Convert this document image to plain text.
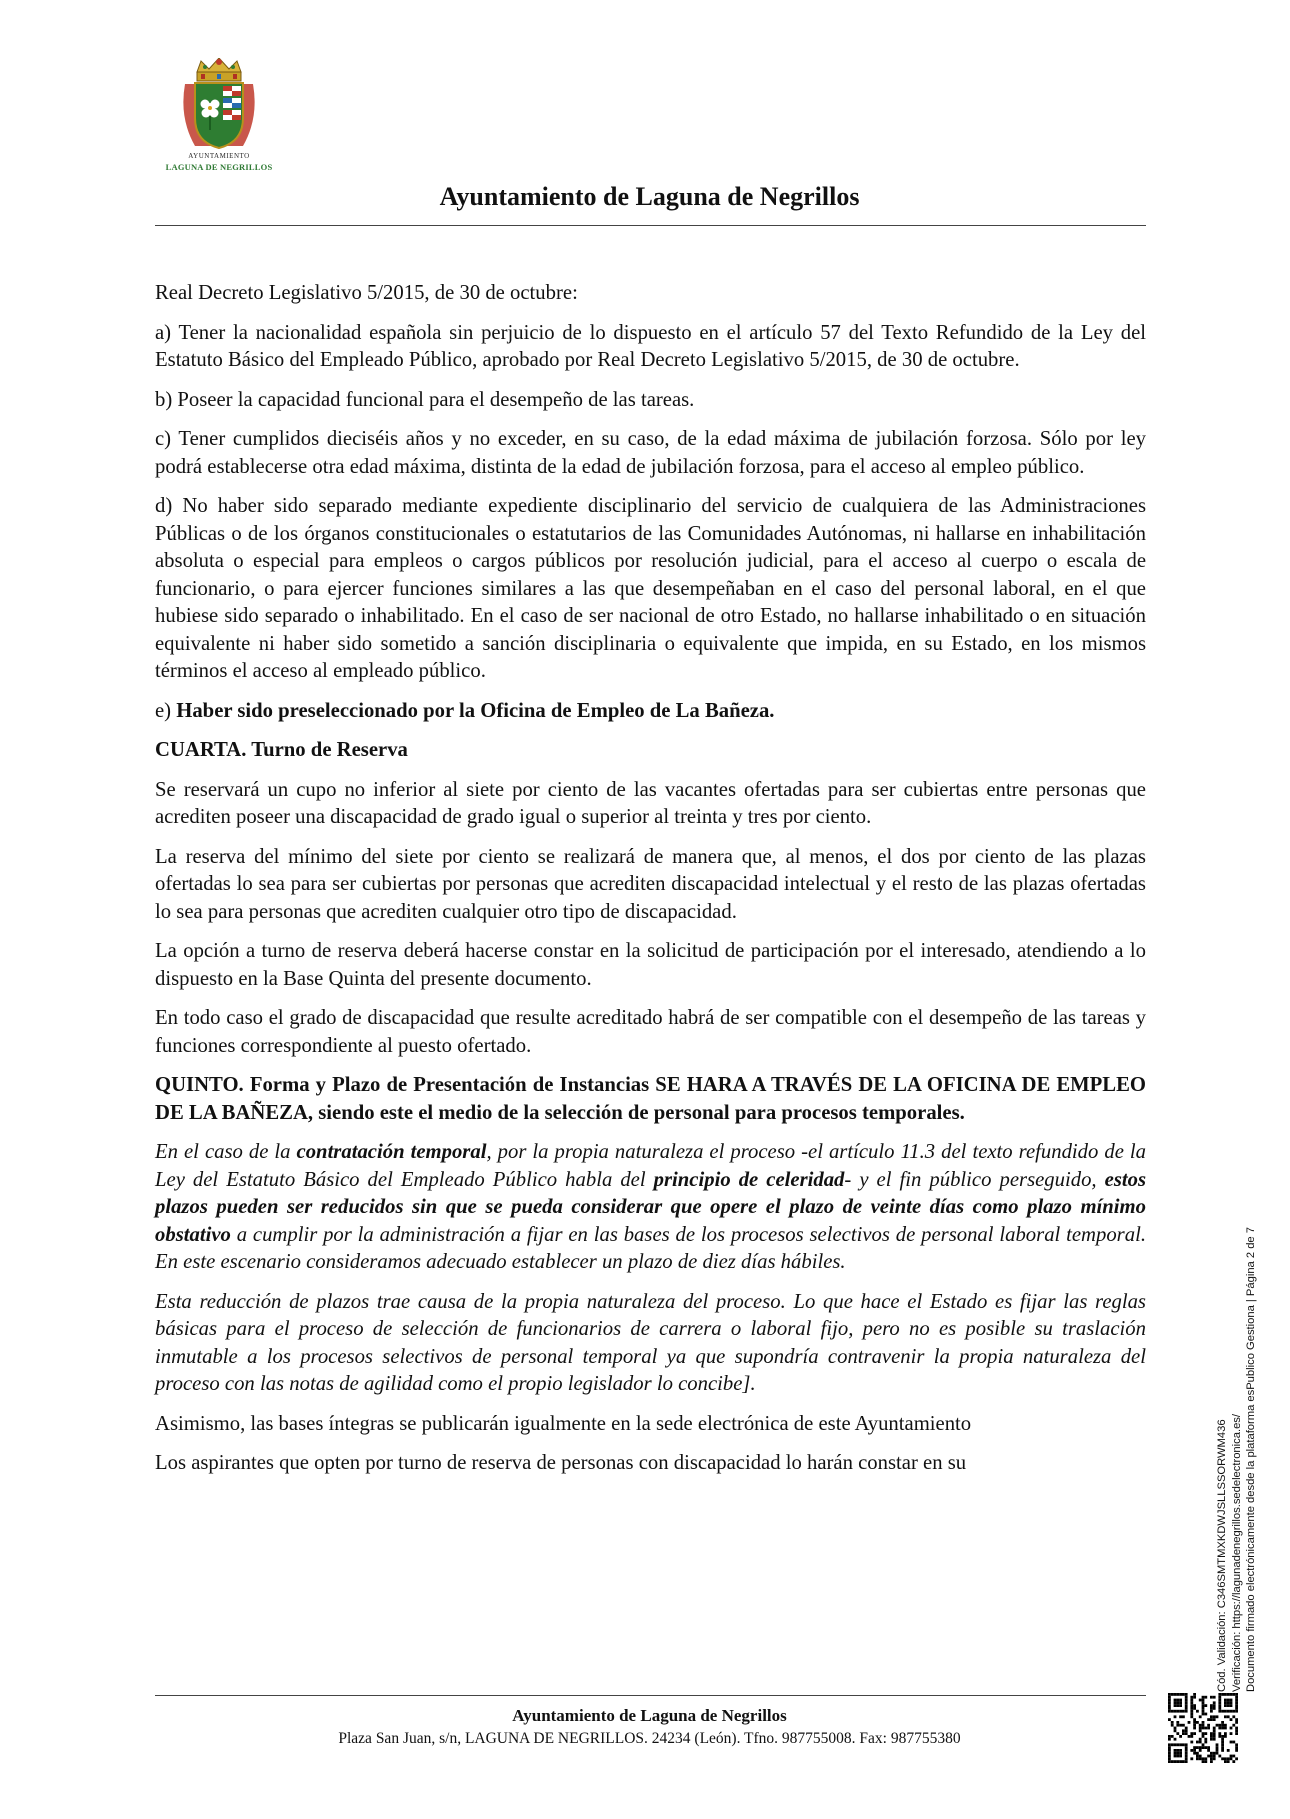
AYUNTAMIENTO
LAGUNA DE NEGRILLOS
Ayuntamiento de Laguna de Negrillos

Real Decreto Legislativo 5/2015, de 30 de octubre:

a) Tener la nacionalidad española sin perjuicio de lo dispuesto en el artículo 57 del Texto Refundido de la Ley del Estatuto Básico del Empleado Público, aprobado por Real Decreto Legislativo 5/2015, de 30 de octubre.

b) Poseer la capacidad funcional para el desempeño de las tareas.

c) Tener cumplidos dieciséis años y no exceder, en su caso, de la edad máxima de jubilación forzosa. Sólo por ley podrá establecerse otra edad máxima, distinta de la edad de jubilación forzosa, para el acceso al empleo público.

d) No haber sido separado mediante expediente disciplinario del servicio de cualquiera de las Administraciones Públicas o de los órganos constitucionales o estatutarios de las Comunidades Autónomas, ni hallarse en inhabilitación absoluta o especial para empleos o cargos públicos por resolución judicial, para el acceso al cuerpo o escala de funcionario, o para ejercer funciones similares a las que desempeñaban en el caso del personal laboral, en el que hubiese sido separado o inhabilitado. En el caso de ser nacional de otro Estado, no hallarse inhabilitado o en situación equivalente ni haber sido sometido a sanción disciplinaria o equivalente que impida, en su Estado, en los mismos términos el acceso al empleado público.

e) Haber sido preseleccionado por la Oficina de Empleo de La Bañeza.

CUARTA. Turno de Reserva

Se reservará un cupo no inferior al siete por ciento de las vacantes ofertadas para ser cubiertas entre personas que acrediten poseer una discapacidad de grado igual o superior al treinta y tres por ciento.

La reserva del mínimo del siete por ciento se realizará de manera que, al menos, el dos por ciento de las plazas ofertadas lo sea para ser cubiertas por personas que acrediten discapacidad intelectual y el resto de las plazas ofertadas lo sea para personas que acrediten cualquier otro tipo de discapacidad.

La opción a turno de reserva deberá hacerse constar en la solicitud de participación por el interesado, atendiendo a lo dispuesto en la Base Quinta del presente documento.

En todo caso el grado de discapacidad que resulte acreditado habrá de ser compatible con el desempeño de las tareas y funciones correspondiente al puesto ofertado.

QUINTO. Forma y Plazo de Presentación de Instancias SE HARA A TRAVÉS DE LA OFICINA DE EMPLEO DE LA BAÑEZA, siendo este el medio de la selección de personal para procesos temporales.

En el caso de la contratación temporal, por la propia naturaleza el proceso -el artículo 11.3 del texto refundido de la Ley del Estatuto Básico del Empleado Público habla del principio de celeridad- y el fin público perseguido, estos plazos pueden ser reducidos sin que se pueda considerar que opere el plazo de veinte días como plazo mínimo obstativo a cumplir por la administración a fijar en las bases de los procesos selectivos de personal laboral temporal. En este escenario consideramos adecuado establecer un plazo de diez días hábiles.

Esta reducción de plazos trae causa de la propia naturaleza del proceso. Lo que hace el Estado es fijar las reglas básicas para el proceso de selección de funcionarios de carrera o laboral fijo, pero no es posible su traslación inmutable a los procesos selectivos de personal temporal ya que supondría contravenir la propia naturaleza del proceso con las notas de agilidad como el propio legislador lo concibe].

Asimismo, las bases íntegras se publicarán igualmente en la sede electrónica de este Ayuntamiento

Los aspirantes que opten por turno de reserva de personas con discapacidad lo harán constar en su

Ayuntamiento de Laguna de Negrillos
Plaza San Juan, s/n, LAGUNA DE NEGRILLOS. 24234 (León). Tfno. 987755008. Fax: 987755380
Cód. Validación: C346SMTMXKDWJSLLSSORWM436 Verificación: https://lagunadenegrillos.sedelectronica.es/ Documento firmado electrónicamente desde la plataforma esPublico Gestiona | Página 2 de 7
